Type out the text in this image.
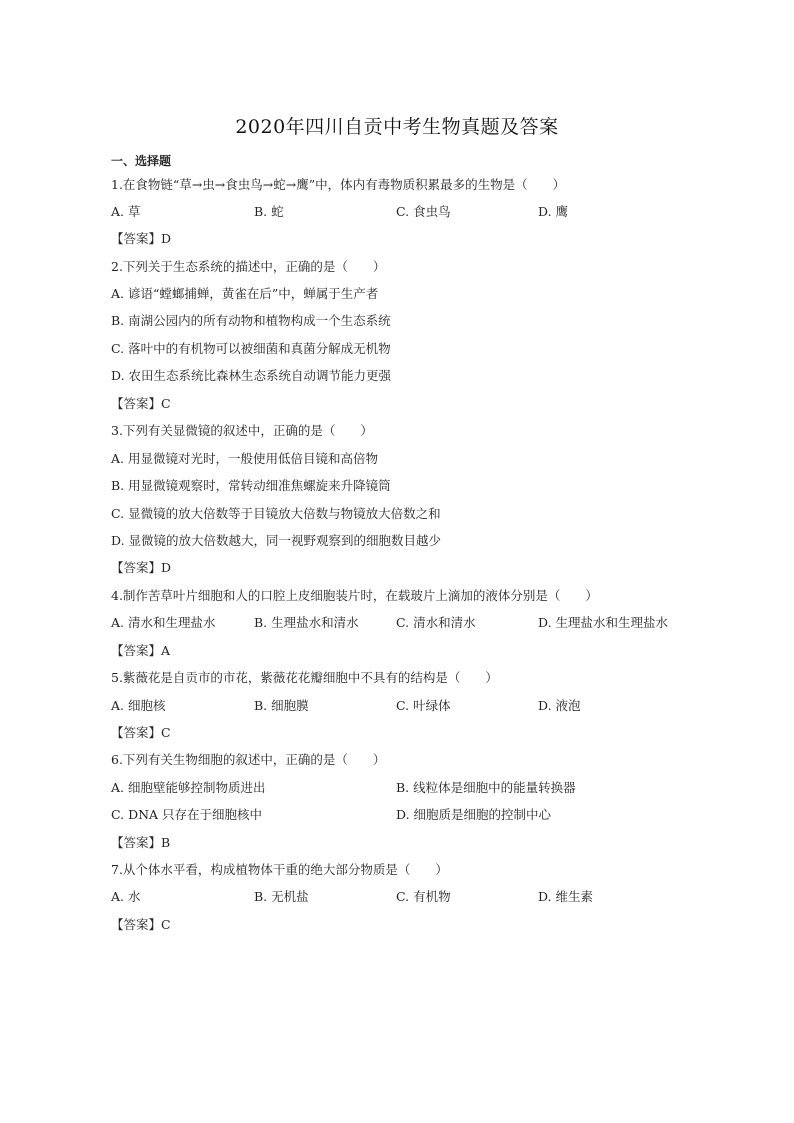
2020年四川自贡中考生物真题及答案
一、选择题
1.在食物链“草→虫→食虫鸟→蛇→鹰”中，体内有毒物质积累最多的生物是（　　）
A. 草	B. 蛇	C. 食虫鸟	D. 鹰
【答案】D
2.下列关于生态系统的描述中，正确的是（　　）
A. 谚语“螳螂捕蝉，黄雀在后”中，蝉属于生产者
B. 南湖公园内的所有动物和植物构成一个生态系统
C. 落叶中的有机物可以被细菌和真菌分解成无机物
D. 农田生态系统比森林生态系统自动调节能力更强
【答案】C
3.下列有关显微镜的叙述中，正确的是（　　）
A. 用显微镜对光时，一般使用低倍目镜和高倍物
B. 用显微镜观察时，常转动细准焦螺旋来升降镜筒
C. 显微镜的放大倍数等于目镜放大倍数与物镜放大倍数之和
D. 显微镜的放大倍数越大，同一视野观察到的细胞数目越少
【答案】D
4.制作苦草叶片细胞和人的口腔上皮细胞装片时，在载玻片上滴加的液体分别是（　　）
A. 清水和生理盐水	B. 生理盐水和清水	C. 清水和清水	D. 生理盐水和生理盐水
【答案】A
5.紫薇花是自贡市的市花，紫薇花花瓣细胞中不具有的结构是（　　）
A. 细胞核	B. 细胞膜	C. 叶绿体	D. 液泡
【答案】C
6.下列有关生物细胞的叙述中，正确的是（　　）
A. 细胞壁能够控制物质进出	B. 线粒体是细胞中的能量转换器
C. DNA 只存在于细胞核中	D. 细胞质是细胞的控制中心
【答案】B
7.从个体水平看，构成植物体干重的绝大部分物质是（　　）
A. 水	B. 无机盐	C. 有机物	D. 维生素
【答案】C
